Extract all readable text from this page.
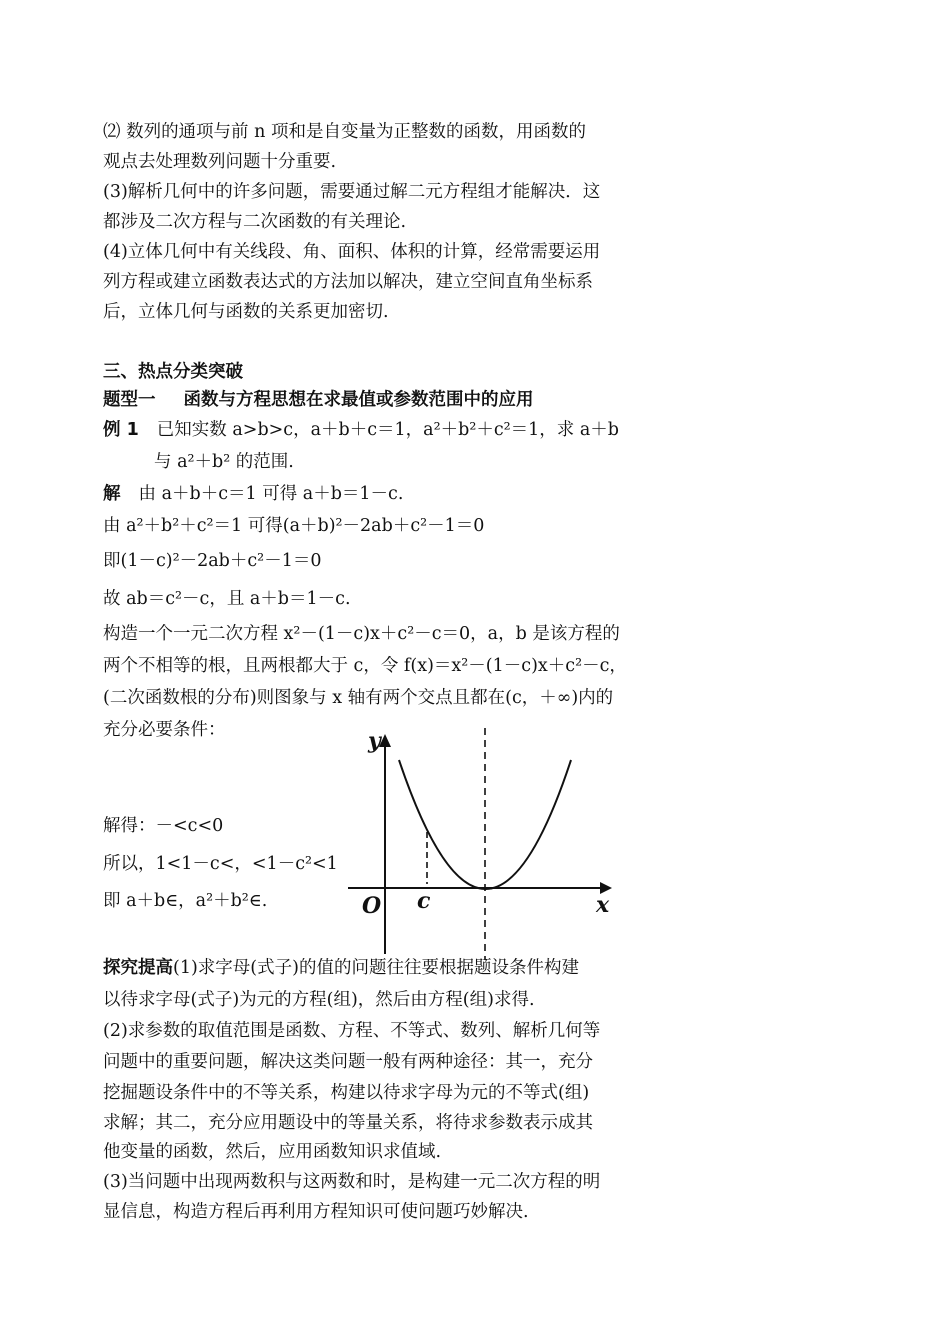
⑵ 数列的通项与前 n 项和是自变量为正整数的函数，用函数的
观点去处理数列问题十分重要.
(3)解析几何中的许多问题，需要通过解二元方程组才能解决．这
都涉及二次方程与二次函数的有关理论.
(4)立体几何中有关线段、角、面积、体积的计算，经常需要运用
列方程或建立函数表达式的方法加以解决，建立空间直角坐标系
后，立体几何与函数的关系更加密切.
三、热点分类突破
题型一 函数与方程思想在求最值或参数范围中的应用
例 1 已知实数 a>b>c，a＋b＋c＝1，a²＋b²＋c²＝1，求 a＋b
与 a²＋b² 的范围.
解 由 a＋b＋c＝1 可得 a＋b＝1－c.
由 a²＋b²＋c²＝1 可得(a＋b)²－2ab＋c²－1＝0
即(1－c)²－2ab＋c²－1＝0
故 ab＝c²－c，且 a＋b＝1－c.
构造一个一元二次方程 x²－(1－c)x＋c²－c＝0，a，b 是该方程的
两个不相等的根，且两根都大于 c，令 f(x)＝x²－(1－c)x＋c²－c，
(二次函数根的分布)则图象与 x 轴有两个交点且都在(c，＋∞)内的
充分必要条件：
解得：－<c<0
所以，1<1－c<，<1－c²<1
即 a＋b∈，a²＋b²∈.
y
x
O c
探究提高(1)求字母(式子)的值的问题往往要根据题设条件构建
以待求字母(式子)为元的方程(组)，然后由方程(组)求得.
(2)求参数的取值范围是函数、方程、不等式、数列、解析几何等
问题中的重要问题，解决这类问题一般有两种途径：其一，充分
挖掘题设条件中的不等关系，构建以待求字母为元的不等式(组)
求解；其二，充分应用题设中的等量关系，将待求参数表示成其
他变量的函数，然后，应用函数知识求值域.
(3)当问题中出现两数积与这两数和时，是构建一元二次方程的明
显信息，构造方程后再利用方程知识可使问题巧妙解决.
